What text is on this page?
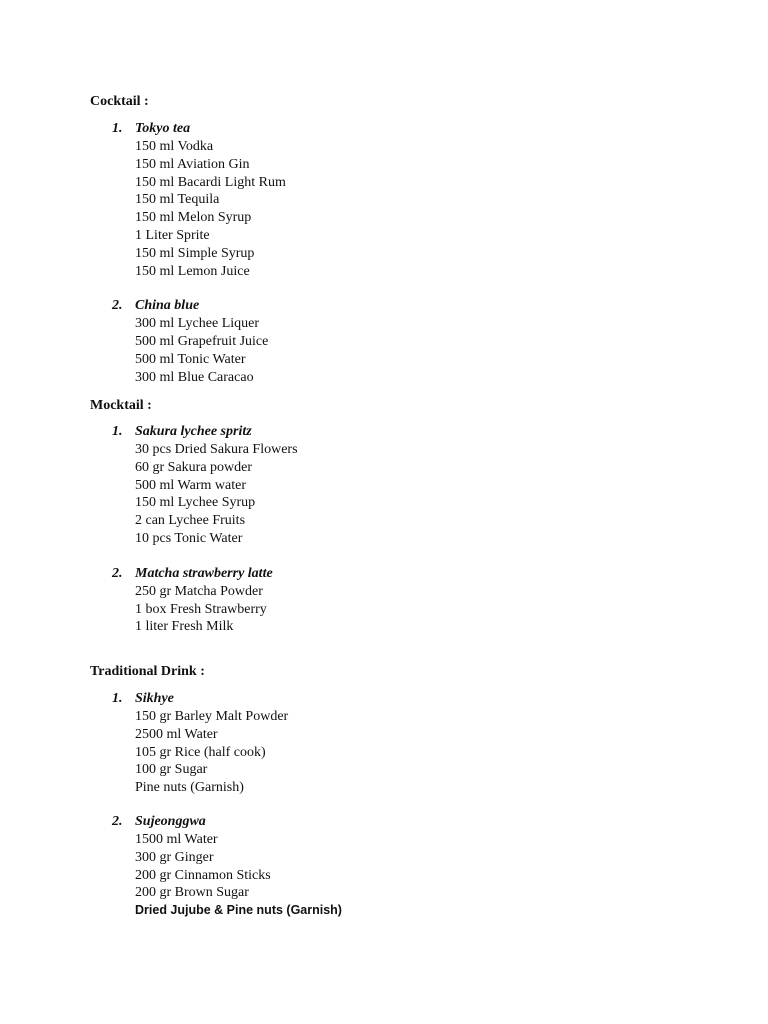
Cocktail :
1. Tokyo tea
150 ml Vodka
150 ml Aviation Gin
150 ml Bacardi Light Rum
150 ml Tequila
150 ml Melon Syrup
1 Liter Sprite
150 ml Simple Syrup
150 ml Lemon Juice
2. China blue
300 ml Lychee Liquer
500 ml Grapefruit Juice
500 ml Tonic Water
300 ml Blue Caracao
Mocktail :
1. Sakura lychee spritz
30 pcs Dried Sakura Flowers
60 gr Sakura powder
500 ml Warm water
150 ml Lychee Syrup
2 can Lychee Fruits
10 pcs Tonic Water
2. Matcha strawberry latte
250 gr Matcha Powder
1 box Fresh Strawberry
1 liter Fresh Milk
Traditional Drink :
1. Sikhye
150 gr Barley Malt Powder
2500 ml Water
105 gr Rice (half cook)
100 gr Sugar
Pine nuts (Garnish)
2. Sujeonggwa
1500 ml Water
300 gr Ginger
200 gr Cinnamon Sticks
200 gr Brown Sugar
Dried Jujube & Pine nuts (Garnish)
